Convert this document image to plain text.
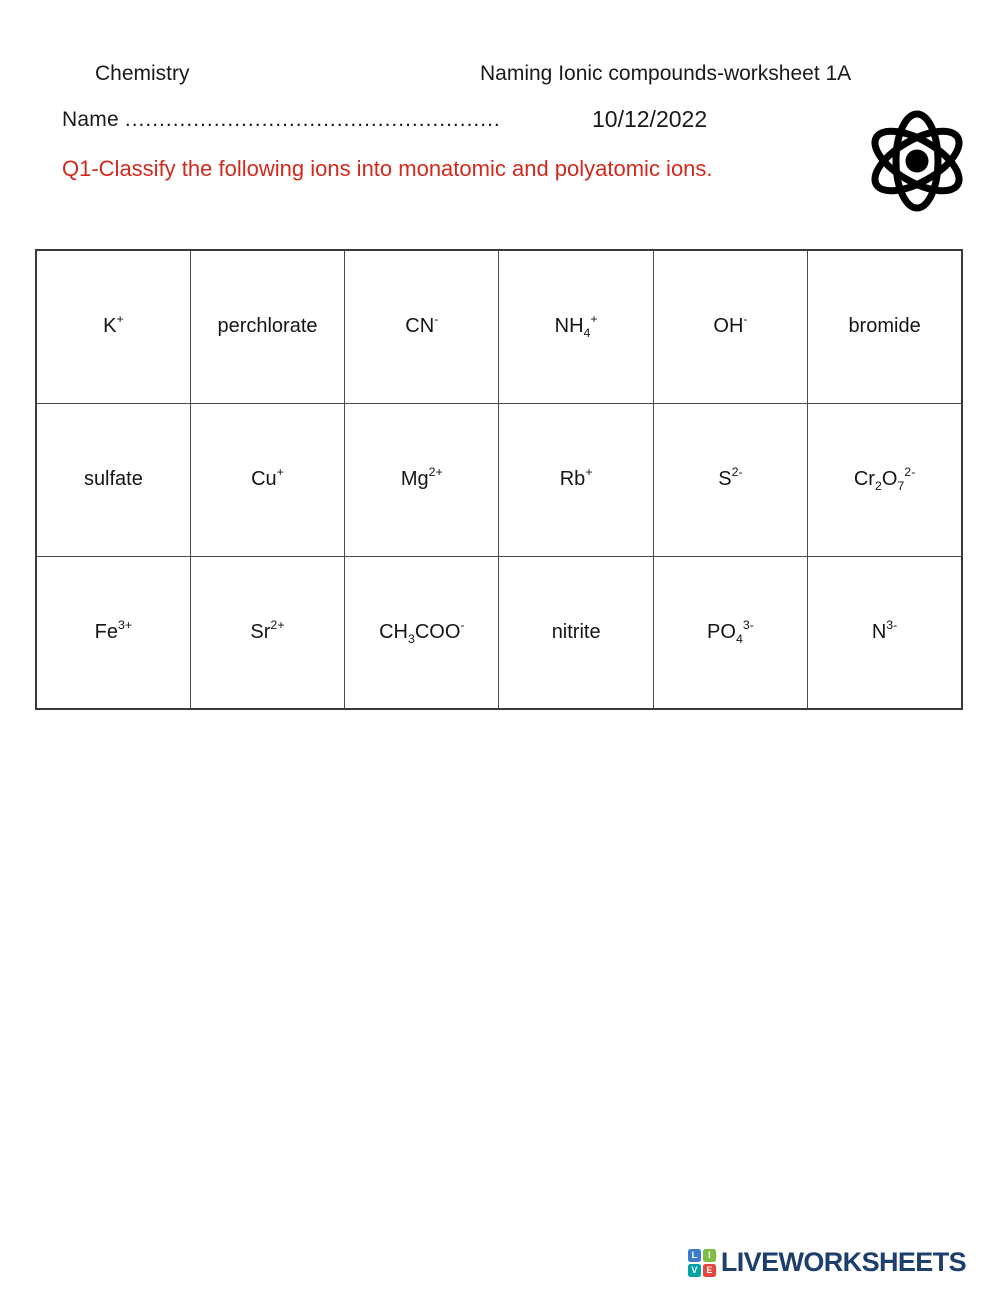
Chemistry	Naming Ionic compounds-worksheet 1A
Name .......................................................	10/12/2022
Q1-Classify the following ions into monatomic and polyatomic ions.
K+	perchlorate	CN-	$NH_4^+$	OH-	bromide
sulfate	Cu+	$Mg^{2+}$	Rb+	$S^{2-}$	$Cr_2O_7^{2-}$
$Fe^{3+}$	$Sr^{2+}$	$CH_3COO^-$	nitrite	$PO_4^{3-}$	$N^{3-}$
L	I
V E LIVEWORKSHEETS
